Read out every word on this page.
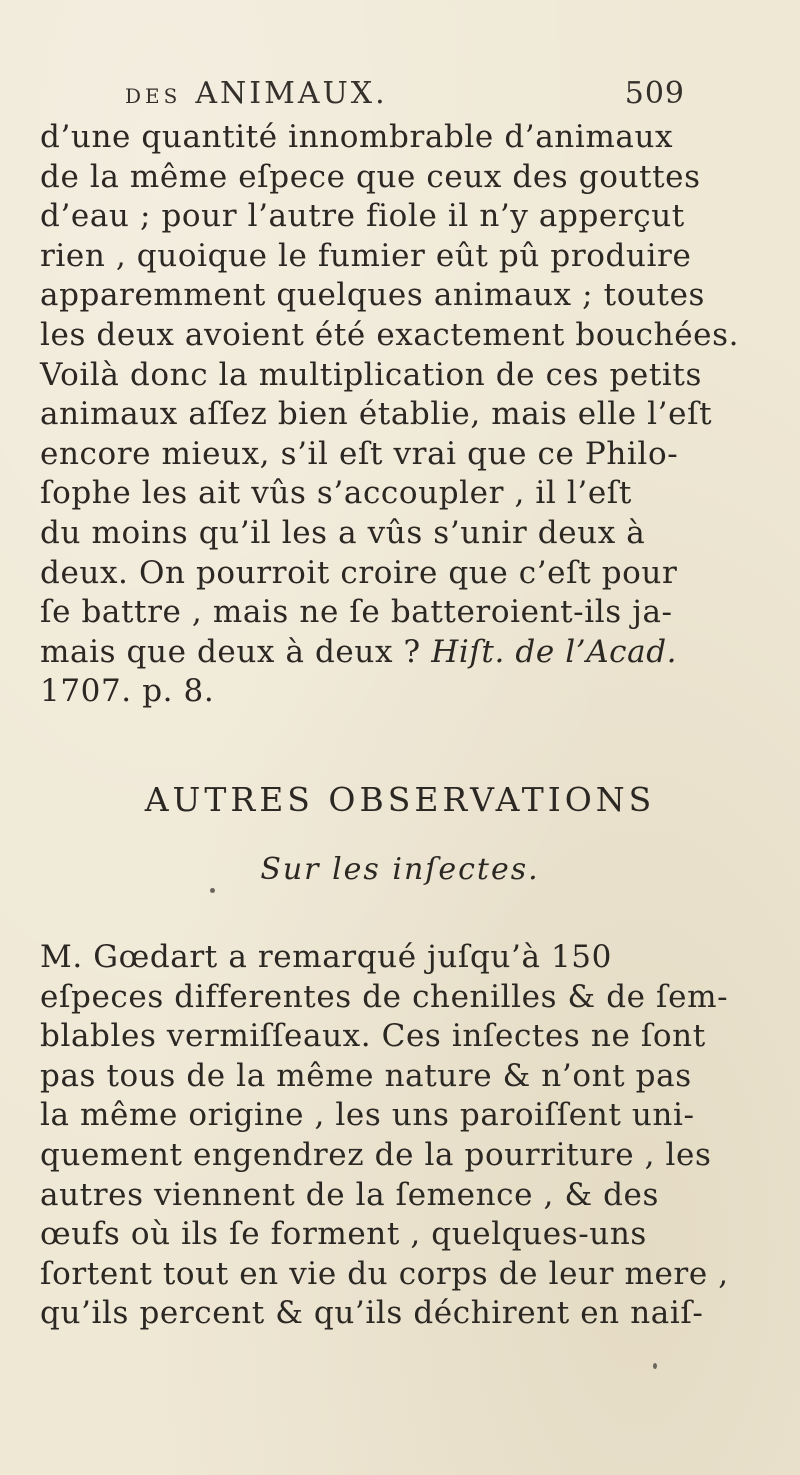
DES ANIMAUX.	509
d’une quantité innombrable d’animaux
de la même eſpece que ceux des gouttes
d’eau ; pour l’autre fiole il n’y apperçut
rien , quoique le fumier eût pû produire
apparemment quelques animaux ; toutes
les deux avoient été exactement bouchées.
Voilà donc la multiplication de ces petits
animaux aſſez bien établie, mais elle l’eſt
encore mieux, s’il eſt vrai que ce Philo-
ſophe les ait vûs s’accoupler , il l’eſt
du moins qu’il les a vûs s’unir deux à
deux. On pourroit croire que c’eſt pour
ſe battre , mais ne ſe batteroient-ils ja-
mais que deux à deux ? Hiſt. de l’Acad.
1707. p. 8.
AUTRES OBSERVATIONS
Sur les inſectes.
M. Gœdart a remarqué juſqu’à 150
eſpeces differentes de chenilles & de ſem-
blables vermiſſeaux. Ces inſectes ne ſont
pas tous de la même nature & n’ont pas
la même origine , les uns paroiſſent uni-
quement engendrez de la pourriture , les
autres viennent de la ſemence , & des
œufs où ils ſe forment , quelques-uns
ſortent tout en vie du corps de leur mere ,
qu’ils percent & qu’ils déchirent en naiſ-
